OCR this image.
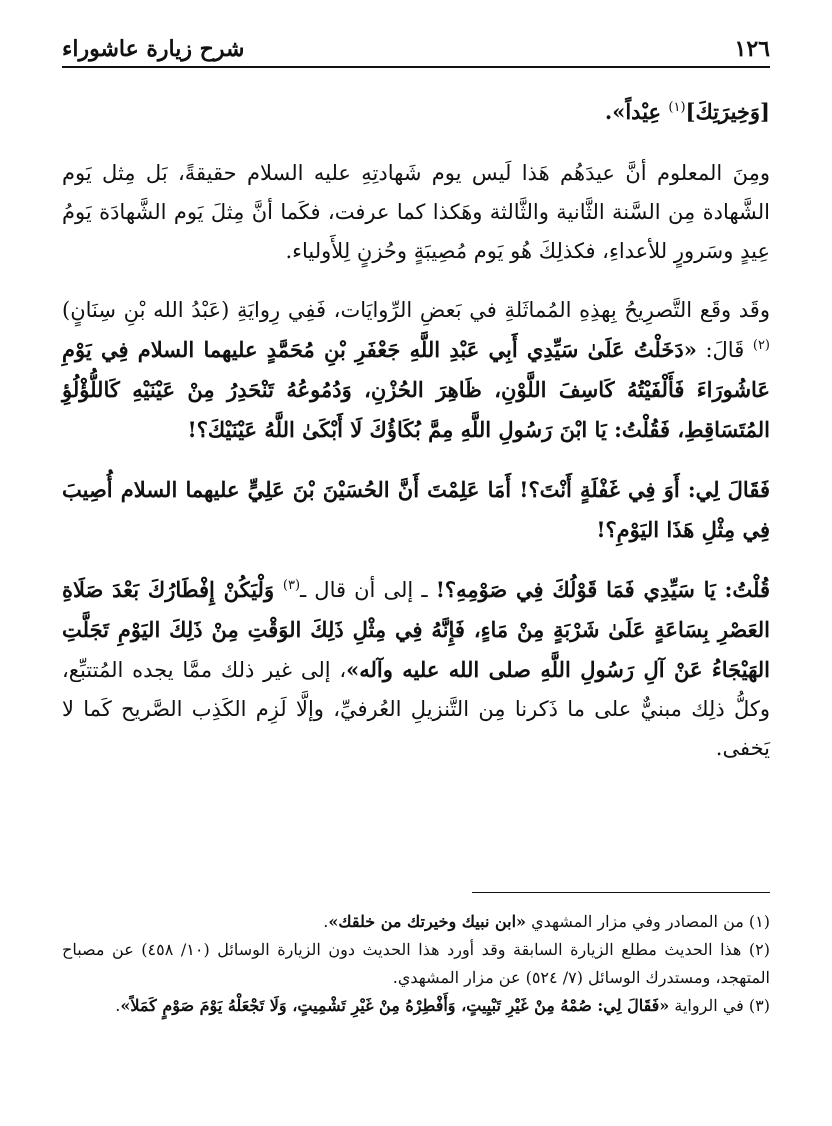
١٢٦
شرح زيارة عاشوراء

[وَخِيرَتِكَ]$^{(١)}$ عِيْداً».

ومِنَ المعلوم أنَّ عيدَهُم هَذا لَيس يوم شَهادتِهِ عليه السلام حقيقةً، بَل مِثل يَوم الشَّهادة مِن السَّنة الثَّانية والثَّالثة وهَكذا كما عرفت، فكَما أنَّ مِثلَ يَوم الشَّهادَة يَومُ عِيدٍ وسَرورٍ للأعداءِ، فكذلِكَ هُو يَوم مُصِيبَةٍ وحُزنٍ لِلأَولياء.

وقَد وقَع التَّصرِيحُ بِهذِهِ المُماثَلةِ في بَعضِ الرِّوايَات، فَفِي رِوايَةِ (عَبْدُ الله بْنِ سِنَانٍ)$^{(٢)}$ قَالَ: «دَخَلْتُ عَلَىٰ سَيِّدِي أَبِي عَبْدِ اللَّهِ جَعْفَرِ بْنِ مُحَمَّدٍ عليهما السلام فِي يَوْمِ عَاشُورَاءَ فَأَلْفَيْتُهُ كَاسِفَ اللَّوْنِ، ظَاهِرَ الحُزْنِ، وَدُمُوعُهُ تَنْحَدِرُ مِنْ عَيْنَيْهِ كَاللُّؤْلُؤِ المُتَسَاقِطِ، فَقُلْتُ: يَا ابْنَ رَسُولِ اللَّهِ مِمَّ بُكَاؤُكَ لَا أَبْكَىٰ اللَّهُ عَيْنَيْكَ؟!

فَقَالَ لِي: أَوَ فِي غَفْلَةٍ أَنْتَ؟! أَمَا عَلِمْتَ أَنَّ الحُسَيْنَ بْنَ عَلِيٍّ عليهما السلام أُصِيبَ فِي مِثْلِ هَذَا اليَوْمِ؟!

قُلْتُ: يَا سَيِّدِي فَمَا قَوْلُكَ فِي صَوْمِهِ؟! ـ إلى أن قال ـ$^{(٣)}$ وَلْيَكُنْ إِفْطَارُكَ بَعْدَ صَلَاةِ العَصْرِ بِسَاعَةٍ عَلَىٰ شَرْبَةٍ مِنْ مَاءٍ، فَإِنَّهُ فِي مِثْلِ ذَلِكَ الوَقْتِ مِنْ ذَلِكَ اليَوْمِ تَجَلَّتِ الهَيْجَاءُ عَنْ آلِ رَسُولِ اللَّهِ صلى الله عليه وآله»، إلى غير ذلك ممَّا يجده المُتتبِّع، وكلُّ ذلِك مبنيٌّ على ما ذَكرنا مِن التَّنزيلِ العُرفيِّ، وإلَّا لَزِم الكَذِب الصَّريح كَما لا يَخفى.

(١) من المصادر وفي مزار المشهدي «ابن نبيك وخيرتك من خلقك».
(٢) هذا الحديث مطلع الزيارة السابقة وقد أورد هذا الحديث دون الزيارة الوسائل (١٠/ ٤٥٨) عن مصباح المتهجد، ومستدرك الوسائل (٧/ ٥٢٤) عن مزار المشهدي.
(٣) في الرواية «فَقَالَ لِي: صُمْهُ مِنْ غَيْرِ تَبْيِيتٍ، وَأَفْطِرْهُ مِنْ غَيْرِ تَشْمِيتٍ، وَلَا تَجْعَلْهُ يَوْمَ صَوْمٍ كَمَلاً».
